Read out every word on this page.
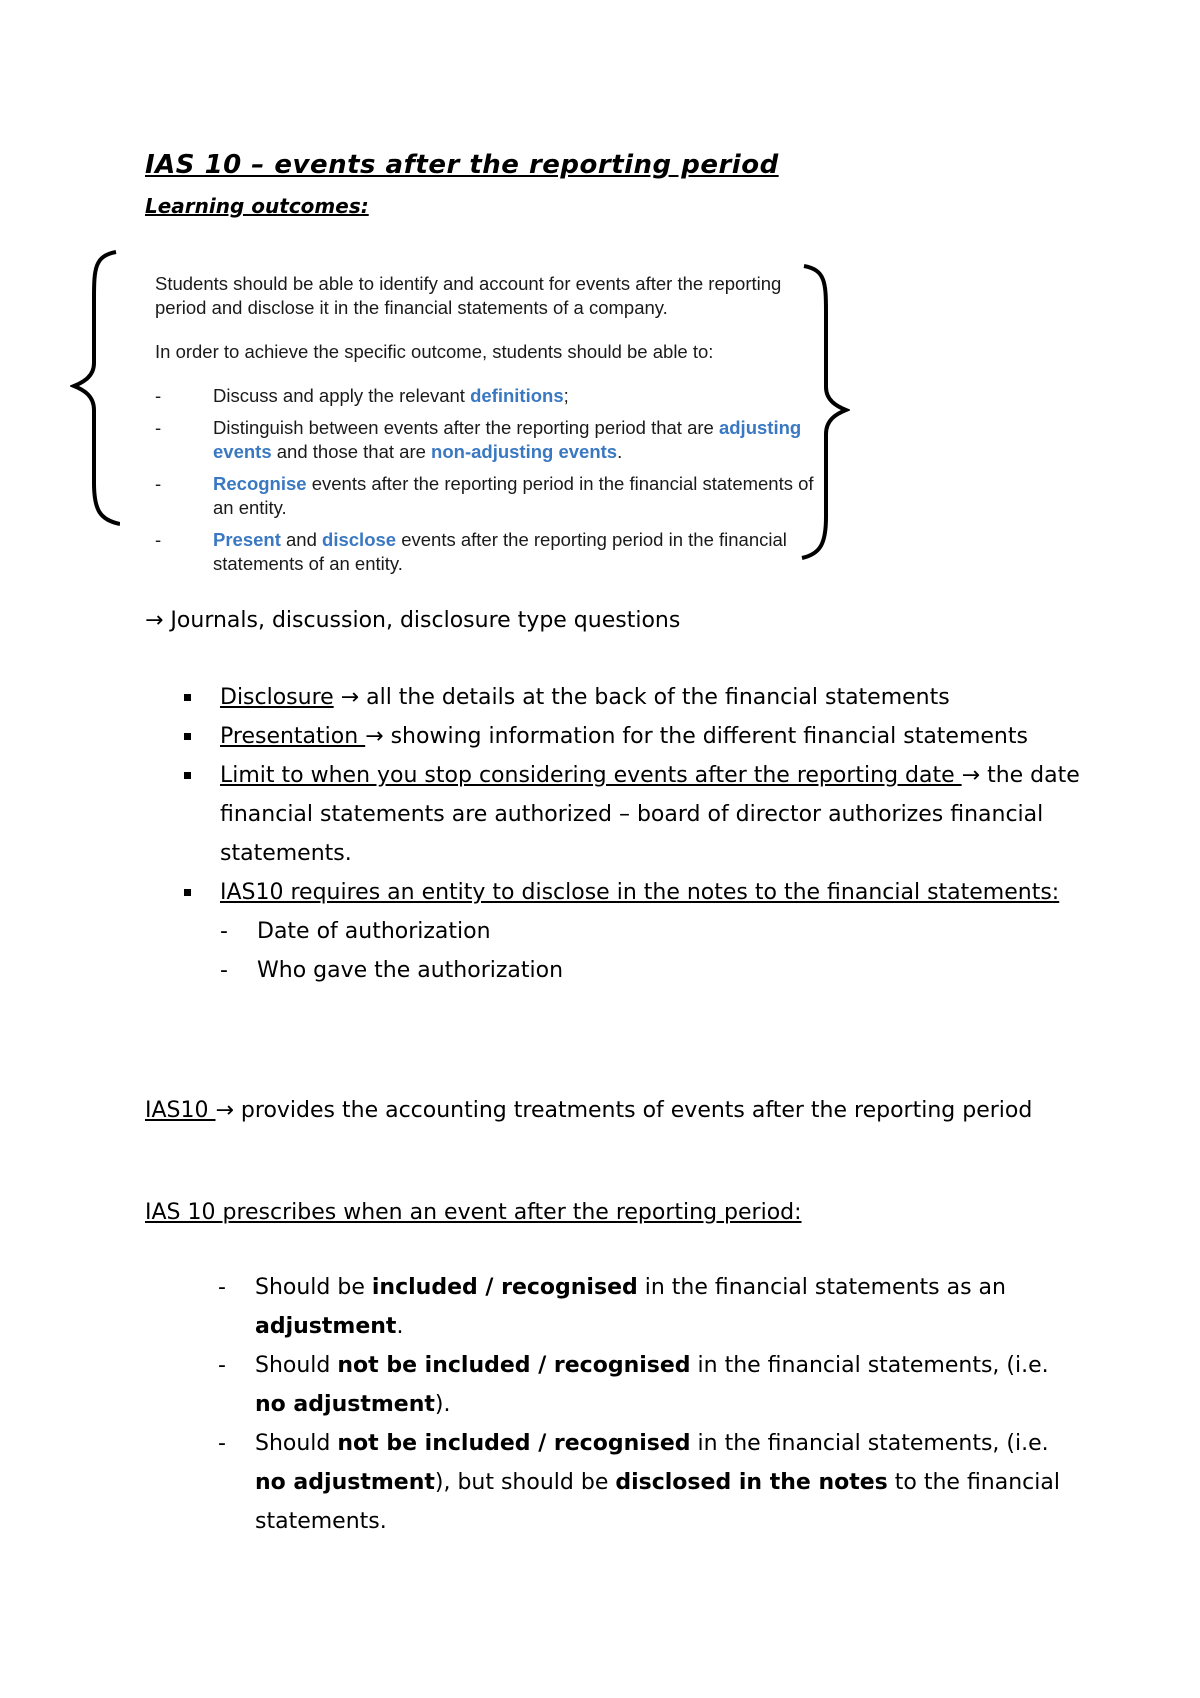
IAS 10 – events after the reporting period
Learning outcomes:

Students should be able to identify and account for events after the reporting period and disclose it in the financial statements of a company.

In order to achieve the specific outcome, students should be able to:

-	Discuss and apply the relevant definitions;
-	Distinguish between events after the reporting period that are adjusting events and those that are non-adjusting events.
-	Recognise events after the reporting period in the financial statements of an entity.
-	Present and disclose events after the reporting period in the financial statements of an entity.
→ Journals, discussion, disclosure type questions
Disclosure → all the details at the back of the financial statements
Presentation → showing information for the different financial statements
Limit to when you stop considering events after the reporting date → the date financial statements are authorized – board of director authorizes financial statements.
IAS10 requires an entity to disclose in the notes to the financial statements:
- Date of authorization
- Who gave the authorization
IAS10 → provides the accounting treatments of events after the reporting period
IAS 10 prescribes when an event after the reporting period:
- Should be included / recognised in the financial statements as an adjustment.
- Should not be included / recognised in the financial statements, (i.e. no adjustment).
- Should not be included / recognised in the financial statements, (i.e. no adjustment), but should be disclosed in the notes to the financial statements.
